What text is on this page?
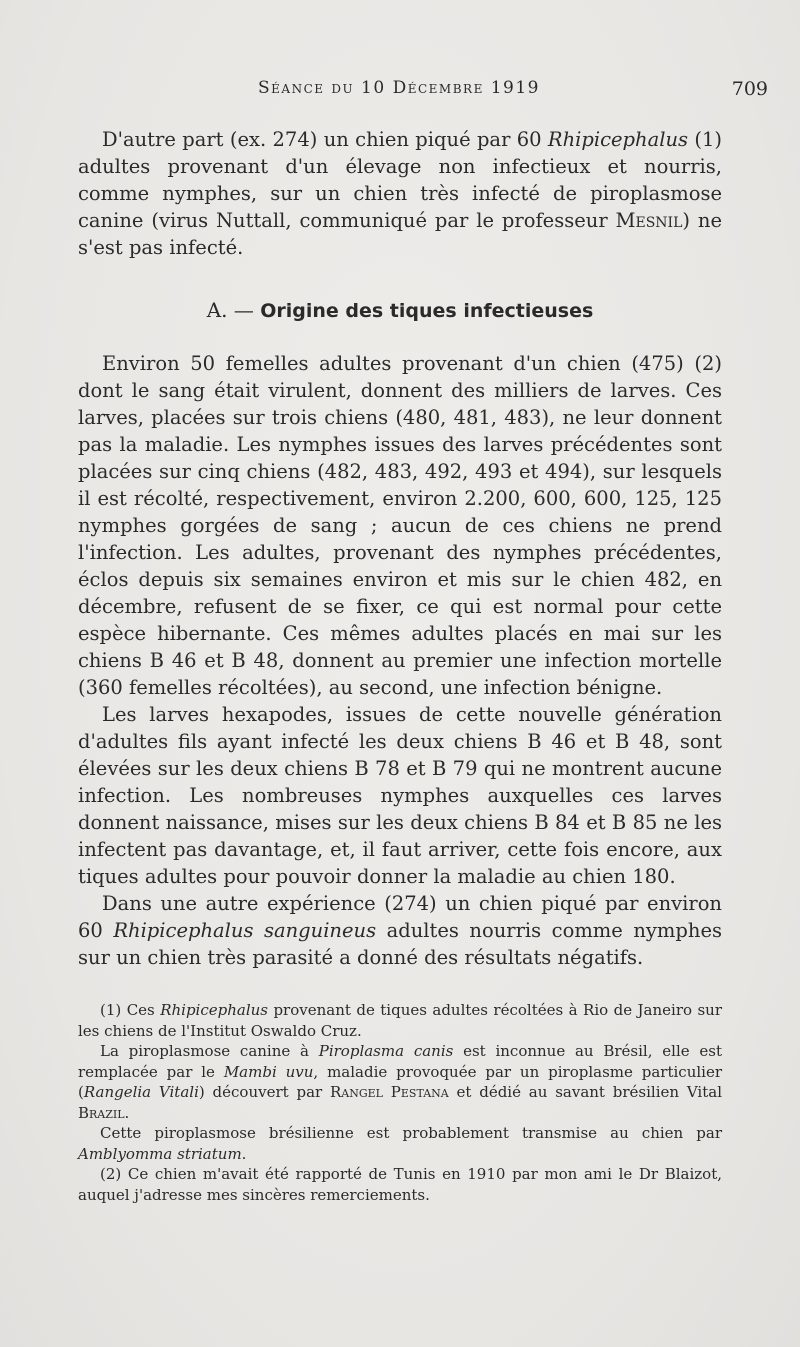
Séance du 10 Décembre 1919	709

D'autre part (ex. 274) un chien piqué par 60 Rhipicephalus (1) adultes provenant d'un élevage non infectieux et nourris, comme nymphes, sur un chien très infecté de piroplasmose canine (virus Nuttall, communiqué par le professeur Mesnil) ne s'est pas infecté.

A. — Origine des tiques infectieuses

Environ 50 femelles adultes provenant d'un chien (475) (2) dont le sang était virulent, donnent des milliers de larves. Ces larves, placées sur trois chiens (480, 481, 483), ne leur donnent pas la maladie. Les nymphes issues des larves précédentes sont placées sur cinq chiens (482, 483, 492, 493 et 494), sur lesquels il est récolté, respectivement, environ 2.200, 600, 600, 125, 125 nymphes gorgées de sang ; aucun de ces chiens ne prend l'infection. Les adultes, provenant des nymphes précédentes, éclos depuis six semaines environ et mis sur le chien 482, en décembre, refusent de se fixer, ce qui est normal pour cette espèce hibernante. Ces mêmes adultes placés en mai sur les chiens B 46 et B 48, donnent au premier une infection mortelle (360 femelles récoltées), au second, une infection bénigne.

Les larves hexapodes, issues de cette nouvelle génération d'adultes fils ayant infecté les deux chiens B 46 et B 48, sont élevées sur les deux chiens B 78 et B 79 qui ne montrent aucune infection. Les nombreuses nymphes auxquelles ces larves donnent naissance, mises sur les deux chiens B 84 et B 85 ne les infectent pas davantage, et, il faut arriver, cette fois encore, aux tiques adultes pour pouvoir donner la maladie au chien 180.

Dans une autre expérience (274) un chien piqué par environ 60 Rhipicephalus sanguineus adultes nourris comme nymphes sur un chien très parasité a donné des résultats négatifs.

(1) Ces Rhipicephalus provenant de tiques adultes récoltées à Rio de Janeiro sur les chiens de l'Institut Oswaldo Cruz.

La piroplasmose canine à Piroplasma canis est inconnue au Brésil, elle est remplacée par le Mambi uvu, maladie provoquée par un piroplasme particulier (Rangelia Vitali) découvert par Rangel Pestana et dédié au savant brésilien Vital Brazil.

Cette piroplasmose brésilienne est probablement transmise au chien par Amblyomma striatum.

(2) Ce chien m'avait été rapporté de Tunis en 1910 par mon ami le Dr Blaizot, auquel j'adresse mes sincères remerciements.
